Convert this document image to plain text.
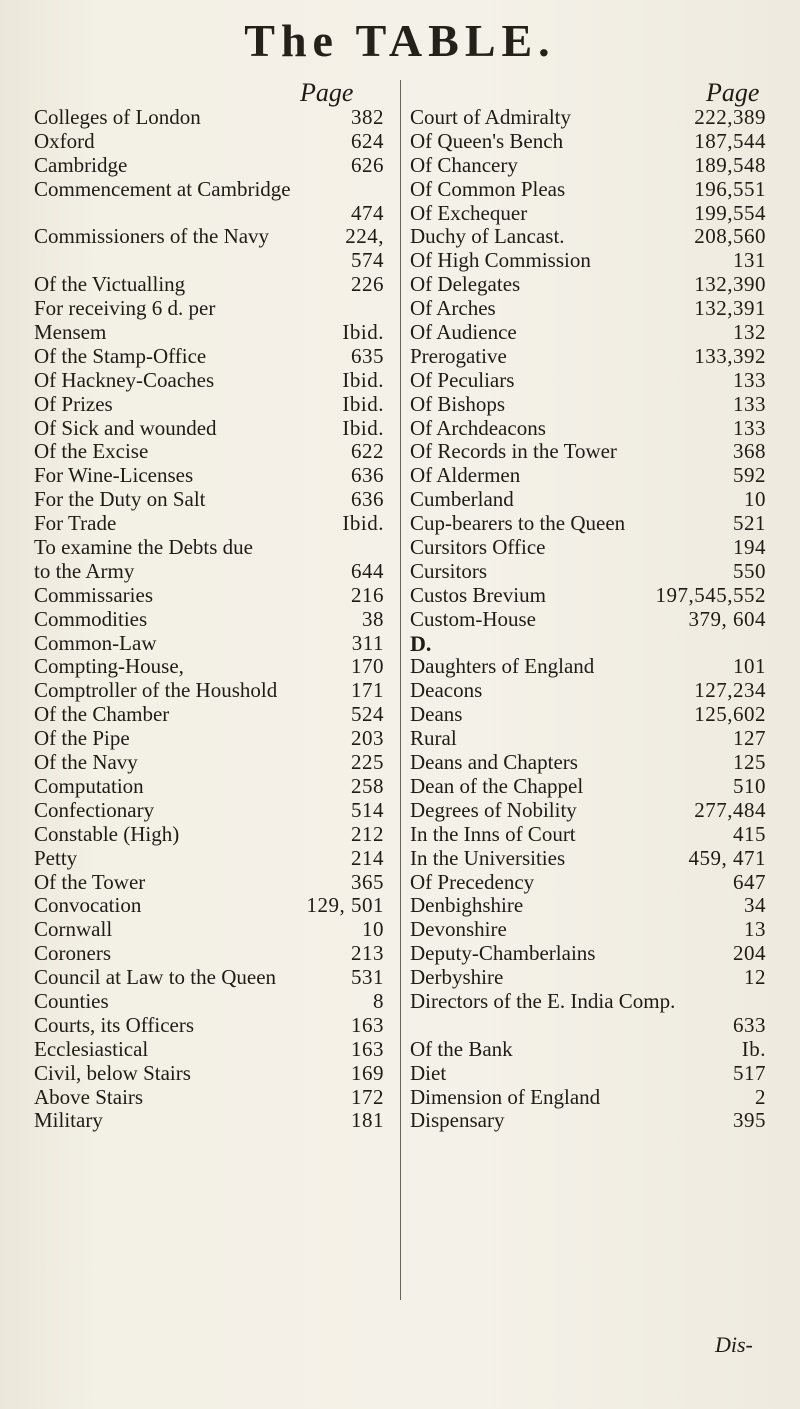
The TABLE.
Page	Page
Colleges of London	382
Oxford	624
Cambridge	626
Commencement at Cambridge
474
Commissioners of the Navy	224,
574
Of the Victualling	226
For receiving 6 d. per
Mensem	Ibid.
Of the Stamp-Office	635
Of Hackney-Coaches	Ibid.
Of Prizes	Ibid.
Of Sick and wounded	Ibid.
Of the Excise	622
For Wine-Licenses	636
For the Duty on Salt	636
For Trade	Ibid.
To examine the Debts due
to the Army	644
Commissaries	216
Commodities	38
Common-Law	311
Compting-House,	170
Comptroller of the Houshold	171
Of the Chamber	524
Of the Pipe	203
Of the Navy	225
Computation	258
Confectionary	514
Constable (High)	212
Petty	214
Of the Tower	365
Convocation	129, 501
Cornwall	10
Coroners	213
Council at Law to the Queen	531
Counties	8
Courts, its Officers	163
Ecclesiastical	163
Civil, below Stairs	169
Above Stairs	172
Military	181
Court of Admiralty	222,389
Of Queen's Bench	187,544
Of Chancery	189,548
Of Common Pleas	196,551
Of Exchequer	199,554
Duchy of Lancast.	208,560
Of High Commission	131
Of Delegates	132,390
Of Arches	132,391
Of Audience	132
Prerogative	133,392
Of Peculiars	133
Of Bishops	133
Of Archdeacons	133
Of Records in the Tower	368
Of Aldermen	592
Cumberland	10
Cup-bearers to the Queen	521
Cursitors Office	194
Cursitors	550
Custos Brevium	197,545,552
Custom-House	379, 604
D.
Daughters of England	101
Deacons	127,234
Deans	125,602
Rural	127
Deans and Chapters	125
Dean of the Chappel	510
Degrees of Nobility	277,484
In the Inns of Court	415
In the Universities	459, 471
Of Precedency	647
Denbighshire	34
Devonshire	13
Deputy-Chamberlains	204
Derbyshire	12
Directors of the E. India Comp.
633
Of the Bank	Ib.
Diet	517
Dimension of England	2
Dispensary	395
Dis-
